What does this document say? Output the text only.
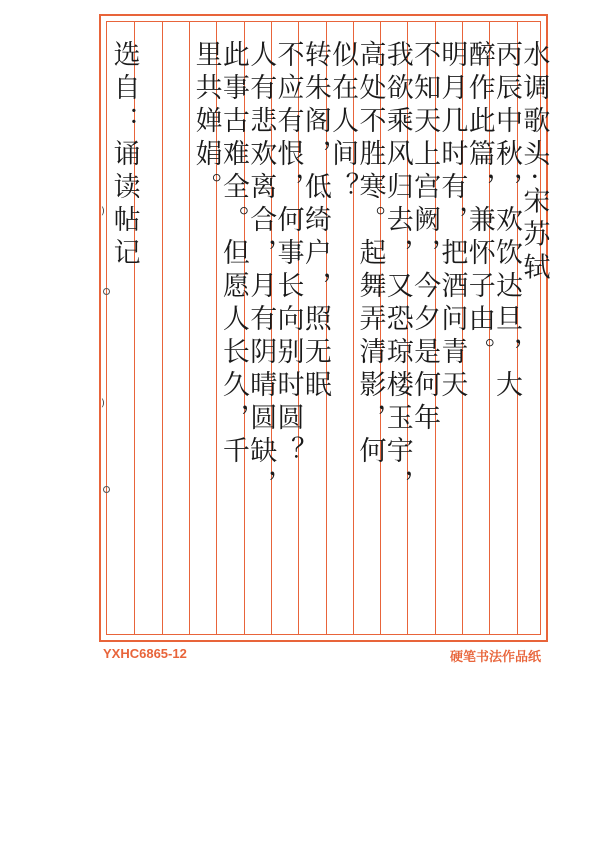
水调歌头·宋苏轼
丙辰中秋，欢饮达旦，大
醉作此篇，兼怀子由。
明月几时有，把酒问青天
不知天上宫阙，今夕是何年
我欲乘风归去，又恐琼楼玉宇，
高处不胜寒。起舞弄清影，何
似在人间？
转朱阁，低绮户，照无眠
不应有恨，何事长向别时圆？
人有悲欢离合，月有阴晴圆缺，
此事古难全。但愿人长久，千
里共婵娟。
选自：诵读帖记
YXHC6865-12	硬笔书法作品纸
)
)
